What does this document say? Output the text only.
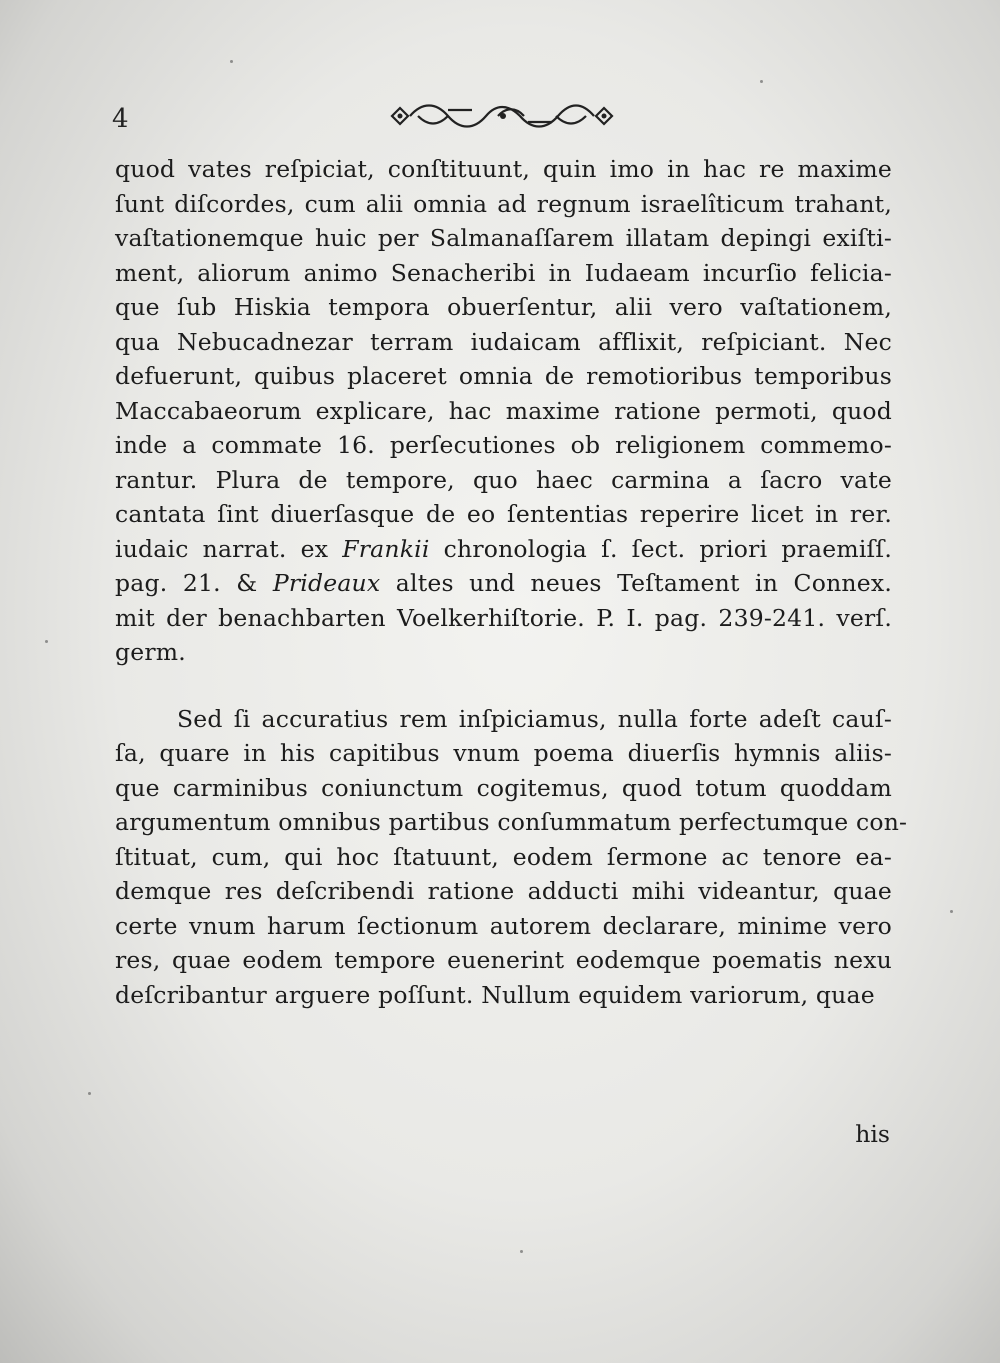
4
quod vates reſpiciat, conſtituunt, quin imo in hac re maxime
ſunt diſcordes, cum alii omnia ad regnum israelîticum trahant,
vaſtationemque huic per Salmanaſſarem illatam depingi exiſti-
ment, aliorum animo Senacheribi in Iudaeam incurſio felicia-
que ſub Hiskia tempora obuerſentur, alii vero vaſtationem,
qua Nebucadnezar terram iudaicam afflixit, reſpiciant. Nec
defuerunt, quibus placeret omnia de remotioribus temporibus
Maccabaeorum explicare, hac maxime ratione permoti, quod
inde a commate 16. perſecutiones ob religionem commemo-
rantur. Plura de tempore, quo haec carmina a ſacro vate
cantata ſint diuerſasque de eo ſententias reperire licet in rer.
iudaic narrat. ex Frankii chronologia ſ. ſect. priori praemiſſ.
pag. 21. & Prideaux altes und neues Teſtament in Connex.
mit der benachbarten Voelkerhiſtorie. P. I. pag. 239-241. verſ.
germ.
Sed ſi accuratius rem inſpiciamus, nulla forte adeſt cauſ-
ſa, quare in his capitibus vnum poema diuerſis hymnis aliis-
que carminibus coniunctum cogitemus, quod totum quoddam
argumentum omnibus partibus conſummatum perfectumque con-
ſtituat, cum, qui hoc ſtatuunt, eodem ſermone ac tenore ea-
demque res deſcribendi ratione adducti mihi videantur, quae
certe vnum harum ſectionum autorem declarare, minime vero
res, quae eodem tempore euenerint eodemque poematis nexu
deſcribantur arguere poſſunt. Nullum equidem variorum, quae
his
